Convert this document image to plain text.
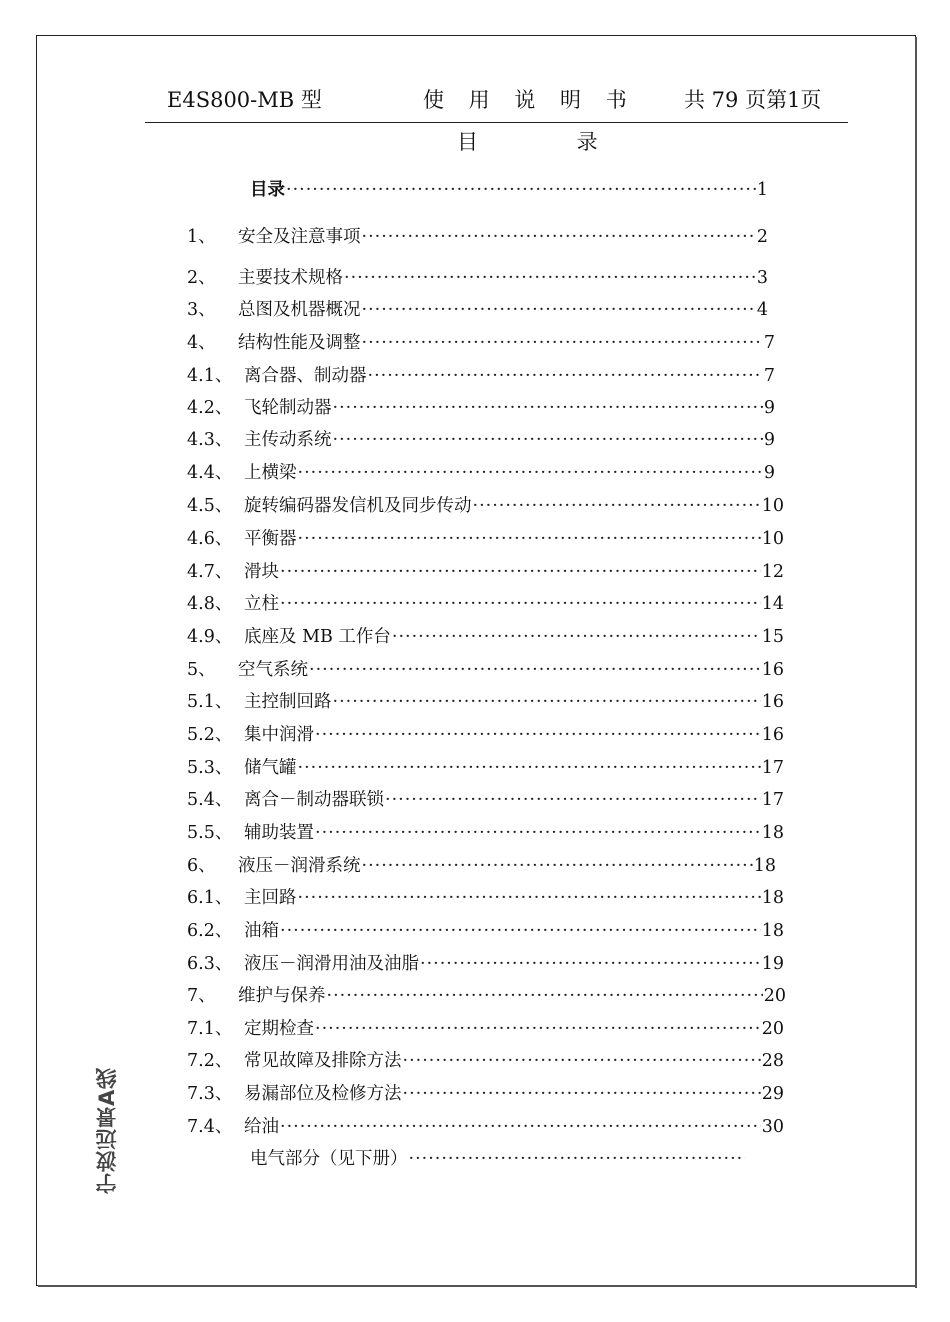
E4S800-MB 型	使 用 说 明 书 共 79 页第1页
目 录
目录 ·····	1
1、 安全及注意事项 ·····	2
2、 主要技术规格 ·····	3
3、 总图及机器概况 ·····	4
4、 结构性能及调整 ·····	7
4.1、 离合器、制动器 ·····	7
4.2、 飞轮制动器 ·····	9
4.3、 主传动系统 ·····	9
4.4、 上横梁 ·····	9
4.5、 旋转编码器发信机及同步传动 ·····	10
4.6、 平衡器 ·····	10
4.7、 滑块 ·····	12
4.8、 立柱 ·····	14
4.9、 底座及 MB 工作台 ·····	15
5、 空气系统 ·····	16
5.1、 主控制回路 ·····	16
5.2、 集中润滑 ·····	16
5.3、 储气罐 ·····	17
5.4、 离合－制动器联锁 ·····	17
5.5、 辅助装置 ·····	18
6、 液压－润滑系统 ·····	18
6.1、 主回路 ·····	18
6.2、 油箱 ·····	18
6.3、 液压－润滑用油及油脂 ·····	19
7、 维护与保养 ·····	20
7.1、 定期检查 ·····	20
7.2、 常见故障及排除方法 ·····	28
7.3、 易漏部位及检修方法 ·····	29
7.4、 给油 ·····	30
电气部分（见下册）
·····
宁波远景A线
